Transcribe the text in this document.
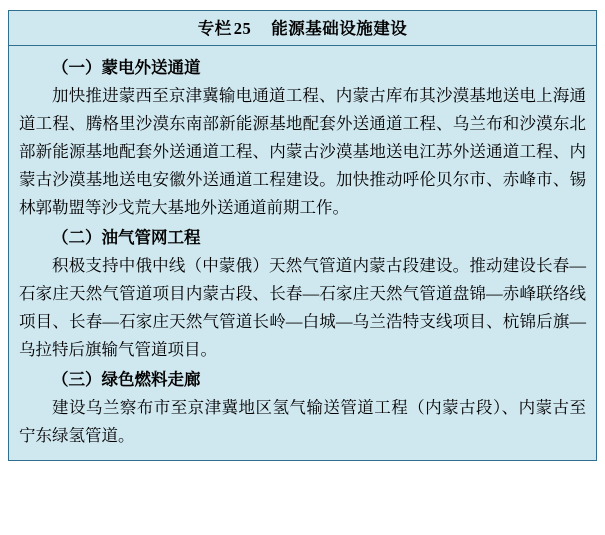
专栏 25 能源基础设施建设

（一）蒙电外送通道

加快推进蒙西至京津冀输电通道工程、内蒙古库布其沙漠基地送电上海通道工程、腾格里沙漠东南部新能源基地配套外送通道工程、乌兰布和沙漠东北部新能源基地配套外送通道工程、内蒙古沙漠基地送电江苏外送通道工程、内蒙古沙漠基地送电安徽外送通道工程建设。加快推动呼伦贝尔市、赤峰市、锡林郭勒盟等沙戈荒大基地外送通道前期工作。

（二）油气管网工程

积极支持中俄中线（中蒙俄）天然气管道内蒙古段建设。推动建设长春—石家庄天然气管道项目内蒙古段、长春—石家庄天然气管道盘锦—赤峰联络线项目、长春—石家庄天然气管道长岭—白城—乌兰浩特支线项目、杭锦后旗—乌拉特后旗输气管道项目。

（三）绿色燃料走廊

建设乌兰察布市至京津冀地区氢气输送管道工程（内蒙古段）、内蒙古至宁东绿氢管道。
